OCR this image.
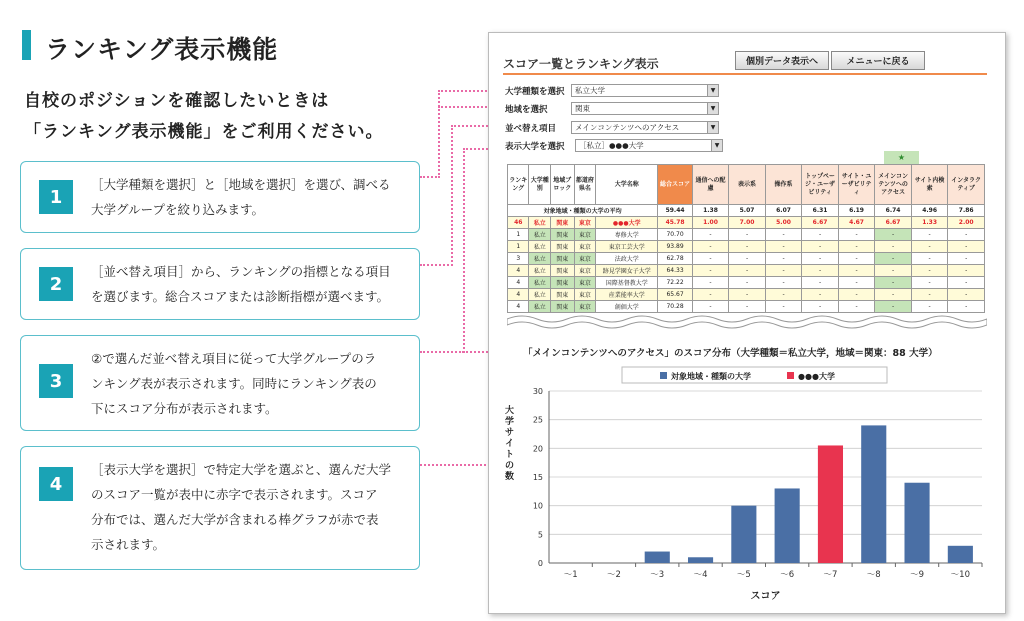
ランキング表示機能
自校のポジションを確認したいときは
「ランキング表示機能」をご利用ください。
1
［大学種類を選択］と［地域を選択］を選び、調べる
大学グループを絞り込みます。
2
［並べ替え項目］から、ランキングの指標となる項目
を選びます。総合スコアまたは診断指標が選べます。
3
②で選んだ並べ替え項目に従って大学グループのラ
ンキング表が表示されます。同時にランキング表の
下にスコア分布が表示されます。
4
［表示大学を選択］で特定大学を選ぶと、選んだ大学
のスコア一覧が表中に赤字で表示されます。スコア
分布では、選んだ大学が含まれる棒グラフが赤で表
示されます。
スコア一覧とランキング表示	個別データ表示へ	メニューに戻る
大学種類を選択	私立大学	▼
地域を選択	関東	▼
並べ替え項目	メインコンテンツへのアクセス	▼
表示大学を選択	［私立］●●●大学	▼
★
ランキング	大学種別	地域ブロック	都道府県名	大学名称	総合スコア	通信への配慮	表示系	操作系	トップページ・ユーザビリティ	サイト・ユーザビリティ	メインコンテンツへのアクセス	サイト内検索	インタラクティブ
対象地域・種類の大学の平均					59.44	1.38	5.07	6.07	6.31	6.19	6.74	4.96	7.86
46	私立	関東	東京	●●●大学	45.78	1.00	7.00	5.00	6.67	4.67	6.67	1.33	2.00
1	私立	関東	東京	専修大学	70.70	-	-	-	-	-	-	-	-
1	私立	関東	東京	東京工芸大学	93.89	-	-	-	-	-	-	-	-
3	私立	関東	東京	法政大学	62.78	-	-	-	-	-	-	-	-
4	私立	関東	東京	跡見学園女子大学	64.33	-	-	-	-	-	-	-	-
4	私立	関東	東京	国際基督教大学	72.22	-	-	-	-	-	-	-	-
4	私立	関東	東京	産業能率大学	65.67	-	-	-	-	-	-	-	-
4	私立	関東	東京	創価大学	70.28	-	-	-	-	-	-	-	-
「メインコンテンツへのアクセス」のスコア分布（大学種類＝私立大学，地域＝関東：88 大学）
対象地域・種類の大学	●●●大学
大
学
サ
イ
ト
の
数
0
5
10
15
20
25
30
〜1	〜2	〜3	〜4	〜5	〜6	〜7	〜8	〜9	〜10
スコア
